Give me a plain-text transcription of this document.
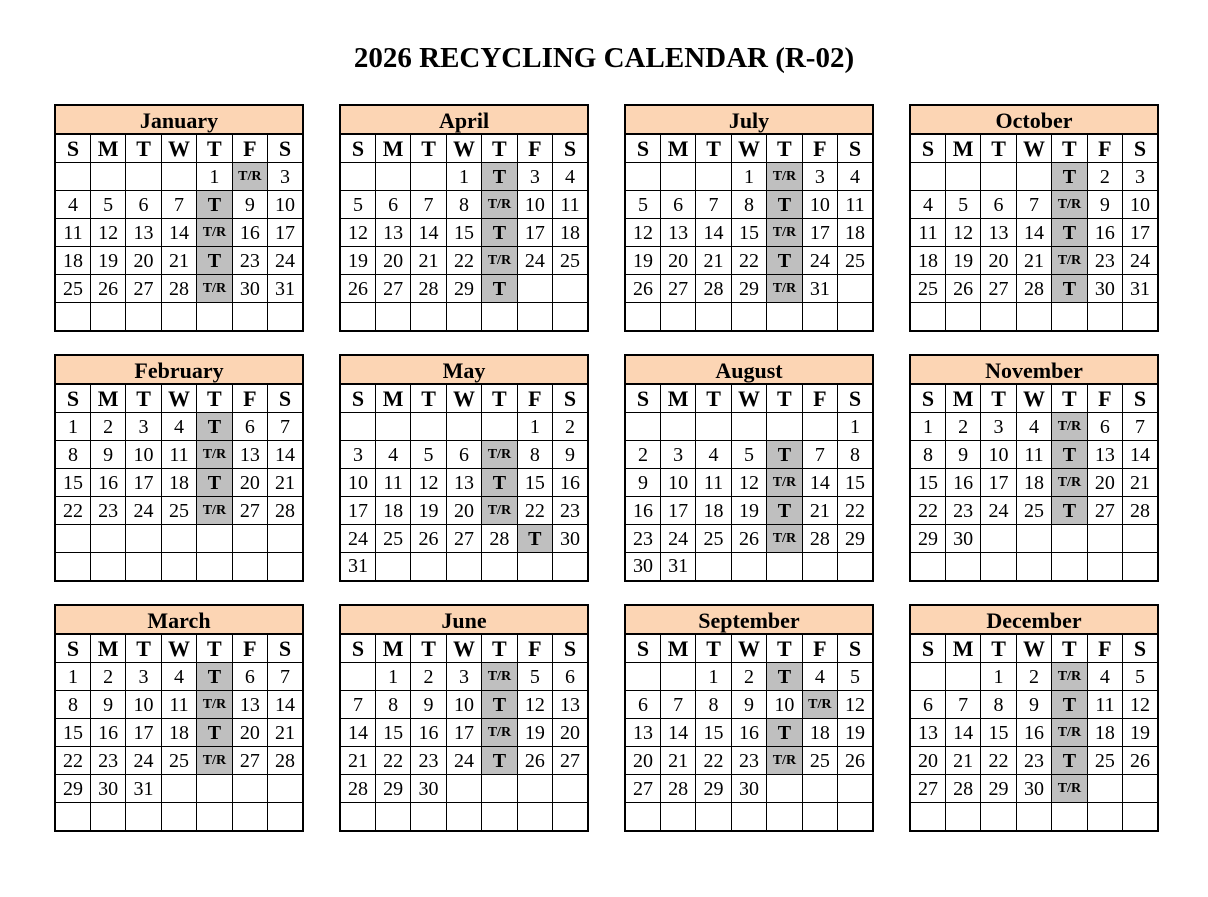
2026 RECYCLING CALENDAR (R-02)
January
S	M	T	W	T	F	S
				1	T/R	3
4	5	6	7	T	9	10
11	12	13	14	T/R	16	17
18	19	20	21	T	23	24
25	26	27	28	T/R	30	31

April
S	M	T	W	T	F	S
			1	T	3	4
5	6	7	8	T/R	10	11
12	13	14	15	T	17	18
19	20	21	22	T/R	24	25
26	27	28	29	T		

July
S	M	T	W	T	F	S
			1	T/R	3	4
5	6	7	8	T	10	11
12	13	14	15	T/R	17	18
19	20	21	22	T	24	25
26	27	28	29	T/R	31	

October
S	M	T	W	T	F	S
				T	2	3
4	5	6	7	T/R	9	10
11	12	13	14	T	16	17
18	19	20	21	T/R	23	24
25	26	27	28	T	30	31

February
S	M	T	W	T	F	S
1	2	3	4	T	6	7
8	9	10	11	T/R	13	14
15	16	17	18	T	20	21
22	23	24	25	T/R	27	28

May
S	M	T	W	T	F	S
					1	2
3	4	5	6	T/R	8	9
10	11	12	13	T	15	16
17	18	19	20	T/R	22	23
24	25	26	27	28	T	30
31						
August
S	M	T	W	T	F	S
						1
2	3	4	5	T	7	8
9	10	11	12	T/R	14	15
16	17	18	19	T	21	22
23	24	25	26	T/R	28	29
30	31					
November
S	M	T	W	T	F	S
1	2	3	4	T/R	6	7
8	9	10	11	T	13	14
15	16	17	18	T/R	20	21
22	23	24	25	T	27	28
29	30					

March
S	M	T	W	T	F	S
1	2	3	4	T	6	7
8	9	10	11	T/R	13	14
15	16	17	18	T	20	21
22	23	24	25	T/R	27	28
29	30	31				

June
S	M	T	W	T	F	S
	1	2	3	T/R	5	6
7	8	9	10	T	12	13
14	15	16	17	T/R	19	20
21	22	23	24	T	26	27
28	29	30				

September
S	M	T	W	T	F	S
		1	2	T	4	5
6	7	8	9	10	T/R	12
13	14	15	16	T	18	19
20	21	22	23	T/R	25	26
27	28	29	30			

December
S	M	T	W	T	F	S
		1	2	T/R	4	5
6	7	8	9	T	11	12
13	14	15	16	T/R	18	19
20	21	22	23	T	25	26
27	28	29	30	T/R		
